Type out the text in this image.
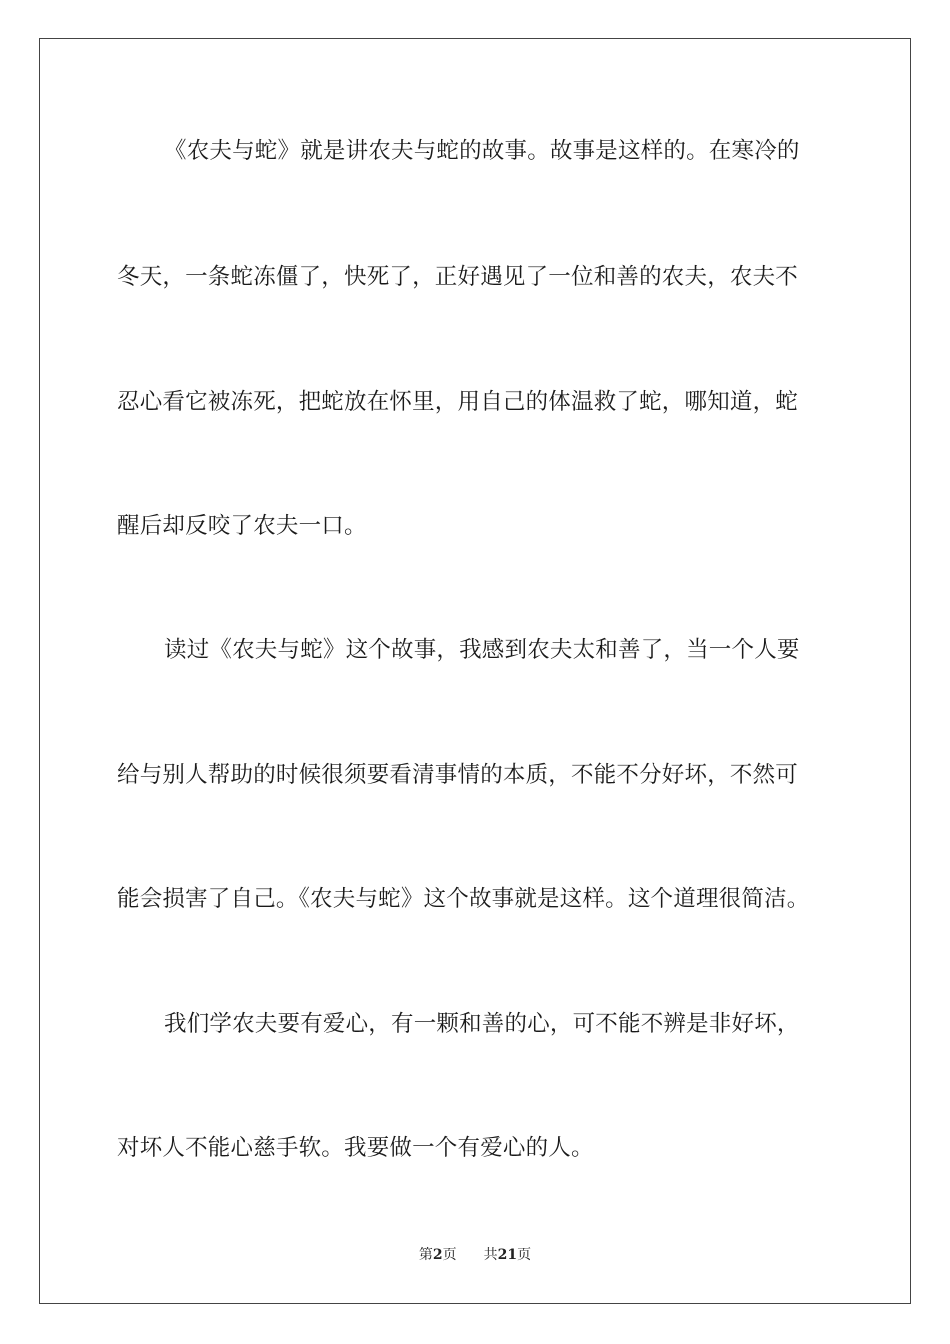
《农夫与蛇》就是讲农夫与蛇的故事。故事是这样的。在寒冷的
冬天，一条蛇冻僵了，快死了，正好遇见了一位和善的农夫，农夫不
忍心看它被冻死，把蛇放在怀里，用自己的体温救了蛇，哪知道，蛇
醒后却反咬了农夫一口。
读过《农夫与蛇》这个故事，我感到农夫太和善了，当一个人要
给与别人帮助的时候很须要看清事情的本质，不能不分好坏，不然可
能会损害了自己。《农夫与蛇》这个故事就是这样。这个道理很简洁。
我们学农夫要有爱心，有一颗和善的心，可不能不辨是非好坏，
对坏人不能心慈手软。我要做一个有爱心的人。
第2页 共21页
